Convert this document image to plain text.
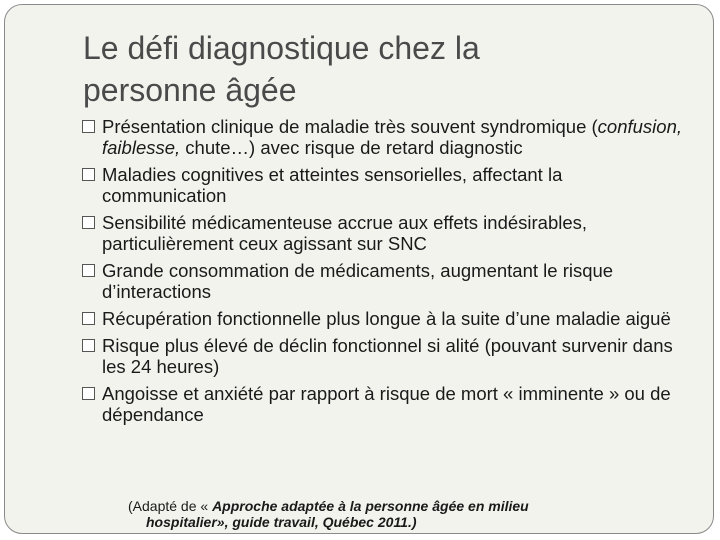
Le défi diagnostique chez la
personne âgée
Présentation clinique de maladie très souvent syndromique (confusion, faiblesse, chute…) avec risque de retard diagnostic
Maladies cognitives et atteintes sensorielles, affectant la communication
Sensibilité médicamenteuse accrue aux effets indésirables, particulièrement ceux agissant sur SNC
Grande consommation de médicaments, augmentant le risque d’interactions
Récupération fonctionnelle plus longue à la suite d’une maladie aiguë
Risque plus élevé de déclin fonctionnel si alité (pouvant survenir dans les 24 heures)
Angoisse et anxiété par rapport à risque de mort « imminente » ou de dépendance
(Adapté de « Approche adaptée à la personne âgée en milieu
hospitalier», guide travail, Québec 2011.)
